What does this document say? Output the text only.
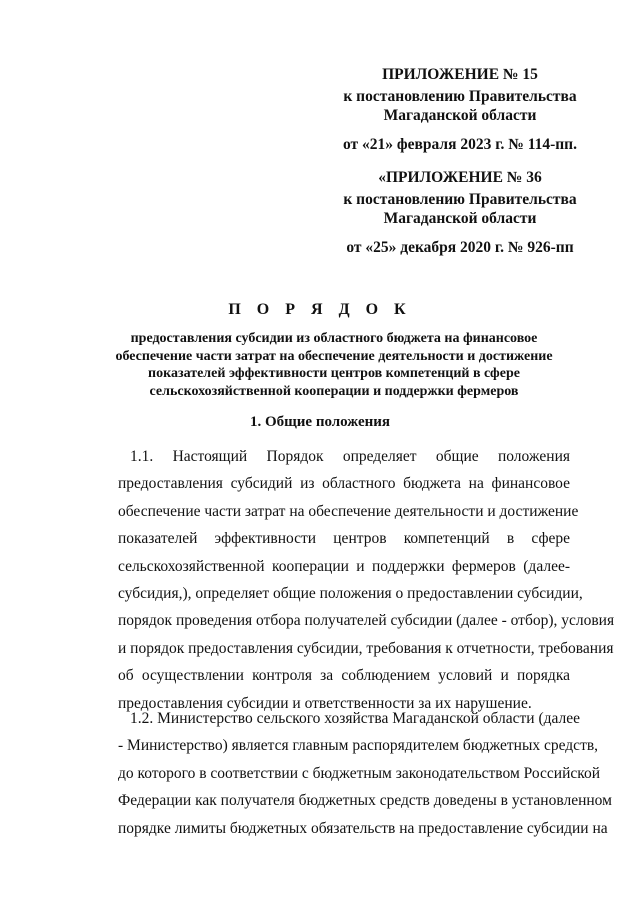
ПРИЛОЖЕНИЕ № 15
к постановлению Правительства
Магаданской области
от «21» февраля 2023 г. № 114-пп.
«ПРИЛОЖЕНИЕ № 36
к постановлению Правительства
Магаданской области
от «25» декабря 2020 г. № 926-пп
П О Р Я Д О К
предоставления субсидии из областного бюджета на финансовое
обеспечение части затрат на обеспечение деятельности и достижение
показателей эффективности центров компетенций в сфере
сельскохозяйственной кооперации и поддержки фермеров
1. Общие положения
1.1. Настоящий Порядок определяет общие положения
предоставления субсидий из областного бюджета на финансовое
обеспечение части затрат на обеспечение деятельности и достижение
показателей эффективности центров компетенций в сфере
сельскохозяйственной кооперации и поддержки фермеров (далее-
субсидия,), определяет общие положения о предоставлении субсидии,
порядок проведения отбора получателей субсидии (далее - отбор), условия
и порядок предоставления субсидии, требования к отчетности, требования
об осуществлении контроля за соблюдением условий и порядка
предоставления субсидии и ответственности за их нарушение.
1.2. Министерство сельского хозяйства Магаданской области (далее
- Министерство) является главным распорядителем бюджетных средств,
до которого в соответствии с бюджетным законодательством Российской
Федерации как получателя бюджетных средств доведены в установленном
порядке лимиты бюджетных обязательств на предоставление субсидии на
